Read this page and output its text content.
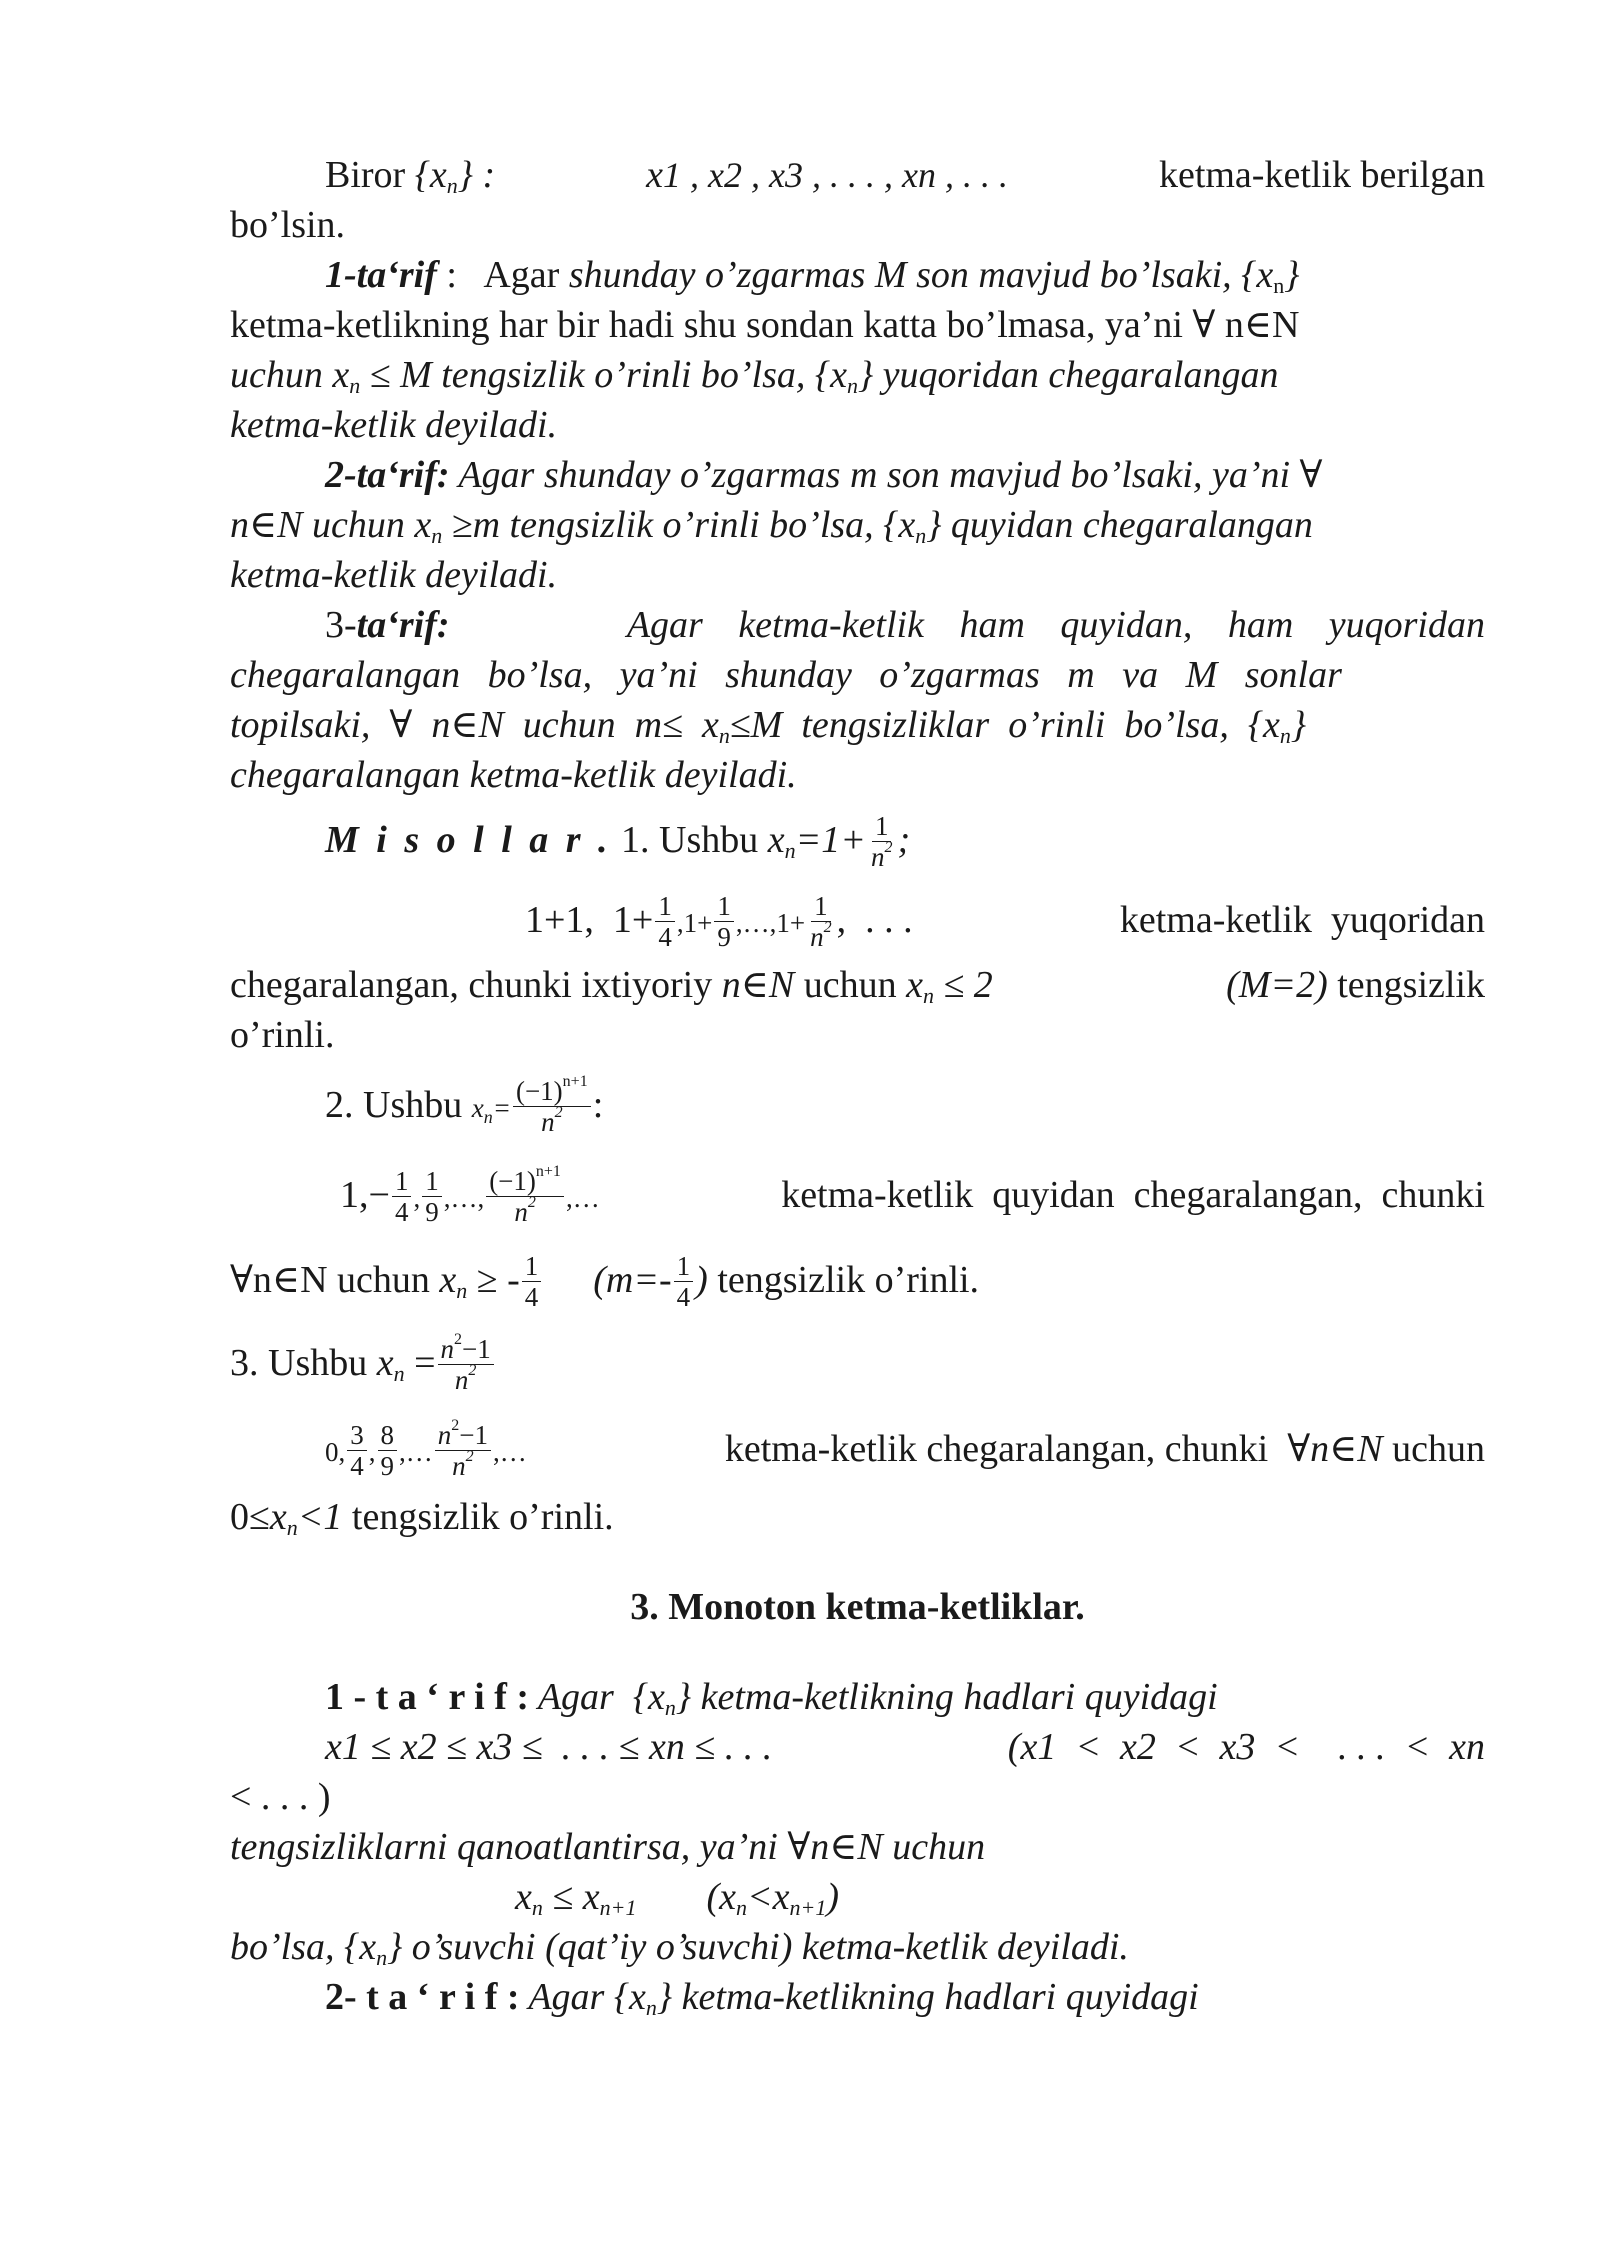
Biror $\{x_n\}$ :	x1 , x2 , x3 , . . . , xn , . . .	ketma-ketlik berilgan
bo’lsin.
1-ta‘rif :   Agar shunday o’zgarmas M son mavjud bo’lsaki, $\{x_n\}$
ketma-ketlikning har bir hadi shu sondan katta bo’lmasa, ya’ni ∀ n∈N
uchun $x_n \le M$ tengsizlik o’rinli bo’lsa, $\{x_n\}$ yuqoridan chegaralangan
ketma-ketlik deyiladi.
2-ta‘rif: Agar shunday o’zgarmas m son mavjud bo’lsaki, ya’ni ∀
n∈N uchun $x_n \ge m$ tengsizlik o’rinli bo’lsa, $\{x_n\}$ quyidan chegaralangan
ketma-ketlik deyiladi.
3-ta‘rif:	Agar ketma-ketlik ham quyidan, ham yuqoridan
chegaralangan bo’lsa, ya’ni shunday o’zgarmas m va M sonlar
topilsaki,  ∀  n∈N  uchun  $m\le x_n\le M$  tengsizliklar  o’rinli  bo’lsa,  $\{x_n\}$
chegaralangan ketma-ketlik deyiladi.
M i s o l l a r . 1. Ushbu $x_n=1+ \frac{1}{n^2}$ ;
1+1,  $1+ \frac{1}{4} ,1+ \frac{1}{9}$ ,…,1+ $\frac{1}{n^2}$ ,  . . .	ketma-ketlik  yuqoridan
chegaralangan, chunki ixtiyoriy n∈N uchun $x_n \le 2$	(M=2) tengsizlik
o’rinli.
2. Ushbu $x_n= \frac{(-1)^{n+1}}{n^2}$ :
$1,- \frac{1}{4}$ , $\frac{1}{9}$ ,…, $\frac{(-1)^{n+1}}{n^2}$ ,…	ketma-ketlik  quyidan  chegaralangan,  chunki
∀n∈N uchun $x_n$ ≥ - $\frac{1}{4} (m=- \frac{1}{4}$ ) tengsizlik o’rinli.
3. Ushbu $x_n = \frac{n^2-1}{n^2}$
0, $\frac{3}{4}$ , $\frac{8}{9}$ ,… $\frac{n^2-1}{n^2}$ ,…	ketma-ketlik chegaralangan, chunki  ∀n∈N uchun
$0\le x_n<1$ tengsizlik o’rinli.
3. Monoton ketma-ketliklar.
1 - t a ‘ r i f : Agar  $\{x_n\}$ ketma-ketlikning hadlari quyidagi
x1 ≤ x2 ≤ x3 ≤  . . . ≤ xn ≤ . . .	(x1  <  x2  <  x3  <    . . .  <  xn
< . . . )
tengsizliklarni qanoatlantirsa, ya’ni ∀n∈N uchun
$x_n \le x_{n+1}$ $(x_n<x_{n+1})$
bo’lsa, $\{x_n\}$ o’suvchi (qat’iy o’suvchi) ketma-ketlik deyiladi.
2- t a ‘ r i f : Agar $\{x_n\}$ ketma-ketlikning hadlari quyidagi
